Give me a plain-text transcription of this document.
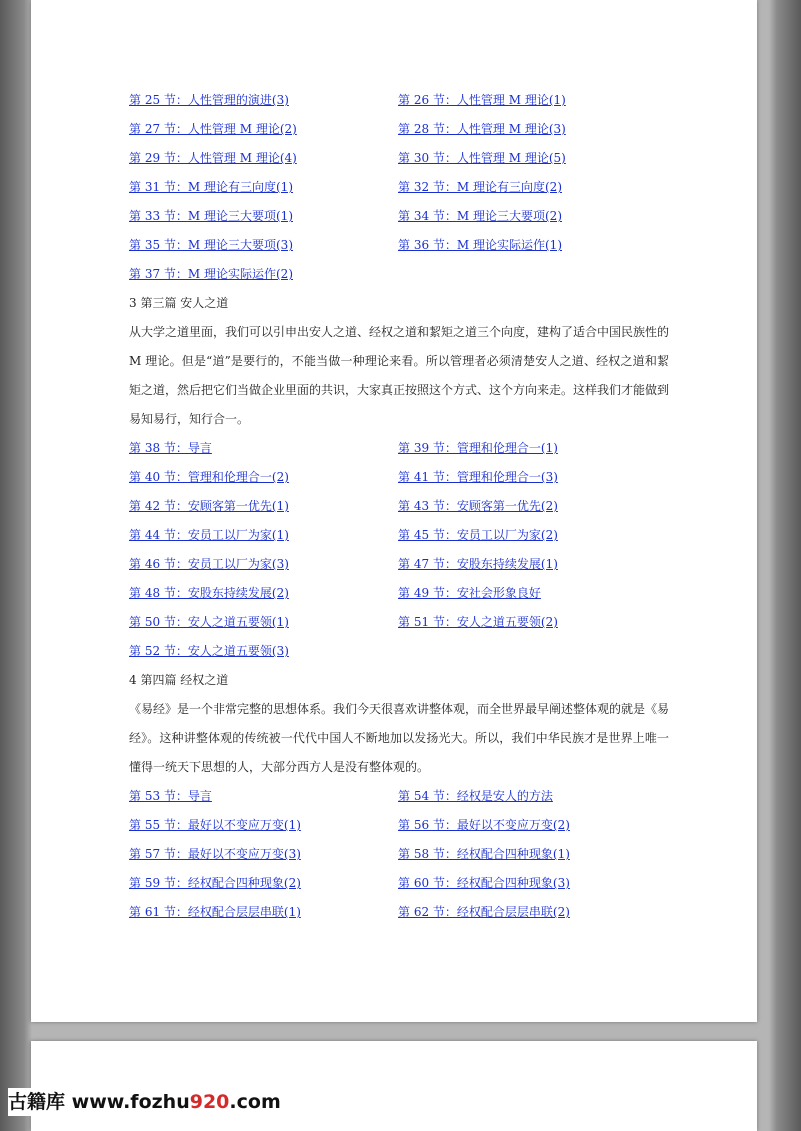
第 25 节：人性管理的演进(3)	第 26 节：人性管理 M 理论(1)
第 27 节：人性管理 M 理论(2)	第 28 节：人性管理 M 理论(3)
第 29 节：人性管理 M 理论(4)	第 30 节：人性管理 M 理论(5)
第 31 节：M 理论有三向度(1)	第 32 节：M 理论有三向度(2)
第 33 节：M 理论三大要项(1)	第 34 节：M 理论三大要项(2)
第 35 节：M 理论三大要项(3)	第 36 节：M 理论实际运作(1)
第 37 节：M 理论实际运作(2)
3 第三篇 安人之道

从大学之道里面，我们可以引申出安人之道、经权之道和絜矩之道三个向度，建构了适合中国民族性的 M 理论。但是“道”是要行的，不能当做一种理论来看。所以管理者必须清楚安人之道、经权之道和絜矩之道，然后把它们当做企业里面的共识，大家真正按照这个方式、这个方向来走。这样我们才能做到易知易行，知行合一。

第 38 节：导言	第 39 节：管理和伦理合一(1)
第 40 节：管理和伦理合一(2)	第 41 节：管理和伦理合一(3)
第 42 节：安顾客第一优先(1)	第 43 节：安顾客第一优先(2)
第 44 节：安员工以厂为家(1)	第 45 节：安员工以厂为家(2)
第 46 节：安员工以厂为家(3)	第 47 节：安股东持续发展(1)
第 48 节：安股东持续发展(2)	第 49 节：安社会形象良好
第 50 节：安人之道五要领(1)	第 51 节：安人之道五要领(2)
第 52 节：安人之道五要领(3)
4 第四篇 经权之道

《易经》是一个非常完整的思想体系。我们今天很喜欢讲整体观，而全世界最早阐述整体观的就是《易经》。这种讲整体观的传统被一代代中国人不断地加以发扬光大。所以，我们中华民族才是世界上唯一懂得一统天下思想的人，大部分西方人是没有整体观的。

第 53 节：导言	第 54 节：经权是安人的方法
第 55 节：最好以不变应万变(1)	第 56 节：最好以不变应万变(2)
第 57 节：最好以不变应万变(3)	第 58 节：经权配合四种现象(1)
第 59 节：经权配合四种现象(2)	第 60 节：经权配合四种现象(3)
第 61 节：经权配合层层串联(1)	第 62 节：经权配合层层串联(2)
古籍库 www.fozhu920.com
